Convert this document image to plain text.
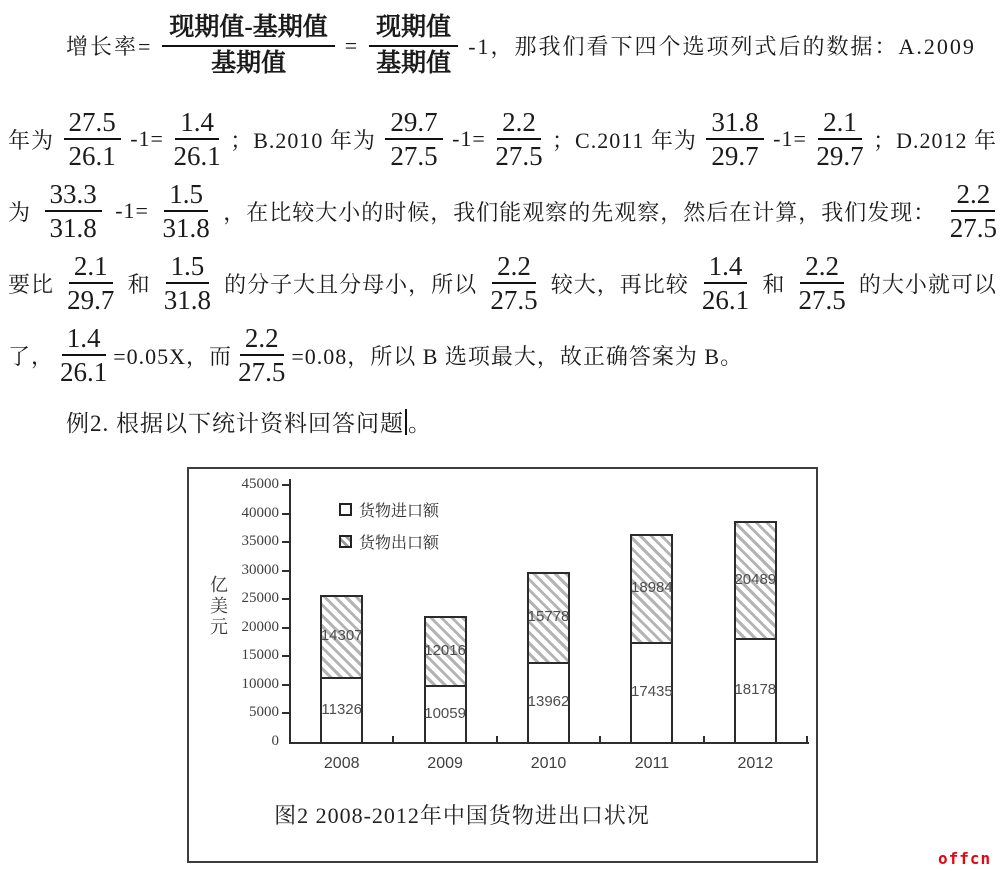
增长率= $\frac{\text{现期值-基期值}}{\text{基期值}} = \frac{\text{现期值}}{\text{基期值}} -1$，那我们看下四个选项列式后的数据：A.2009
年为 $\frac{27.5}{26.1} -1= \frac{1.4}{26.1}$ ；B.2010 年为 $\frac{29.7}{27.5} -1= \frac{2.2}{27.5}$ ；C.2011 年为 $\frac{31.8}{29.7} -1= \frac{2.1}{29.7}$ ；D.2012 年
为 $\frac{33.3}{31.8} -1= \frac{1.5}{31.8}$ ，在比较大小的时候，我们能观察的先观察，然后在计算，我们发现： $\frac{2.2}{27.5}$
要比 $\frac{2.1}{29.7}$ 和 $\frac{1.5}{31.8}$ 的分子大且分母小，所以 $\frac{2.2}{27.5}$ 较大，再比较 $\frac{1.4}{26.1}$ 和 $\frac{2.2}{27.5}$ 的大小就可以
了， $\frac{1.4}{26.1} =0.05X$，而 $\frac{2.2}{27.5} =0.08$，所以 B 选项最大，故正确答案为 B。
例2. 根据以下统计资料回答问题 。
0
5000
10000
15000
20000
25000
30000
35000
40000
45000
11326
14307
2008
10059
12016
2009
13962
15778
2010
17435
18984
2011
18178
20489
2012
货物进口额
货物出口额
亿美元
图2 2008-2012年中国货物进出口状况
offcn
